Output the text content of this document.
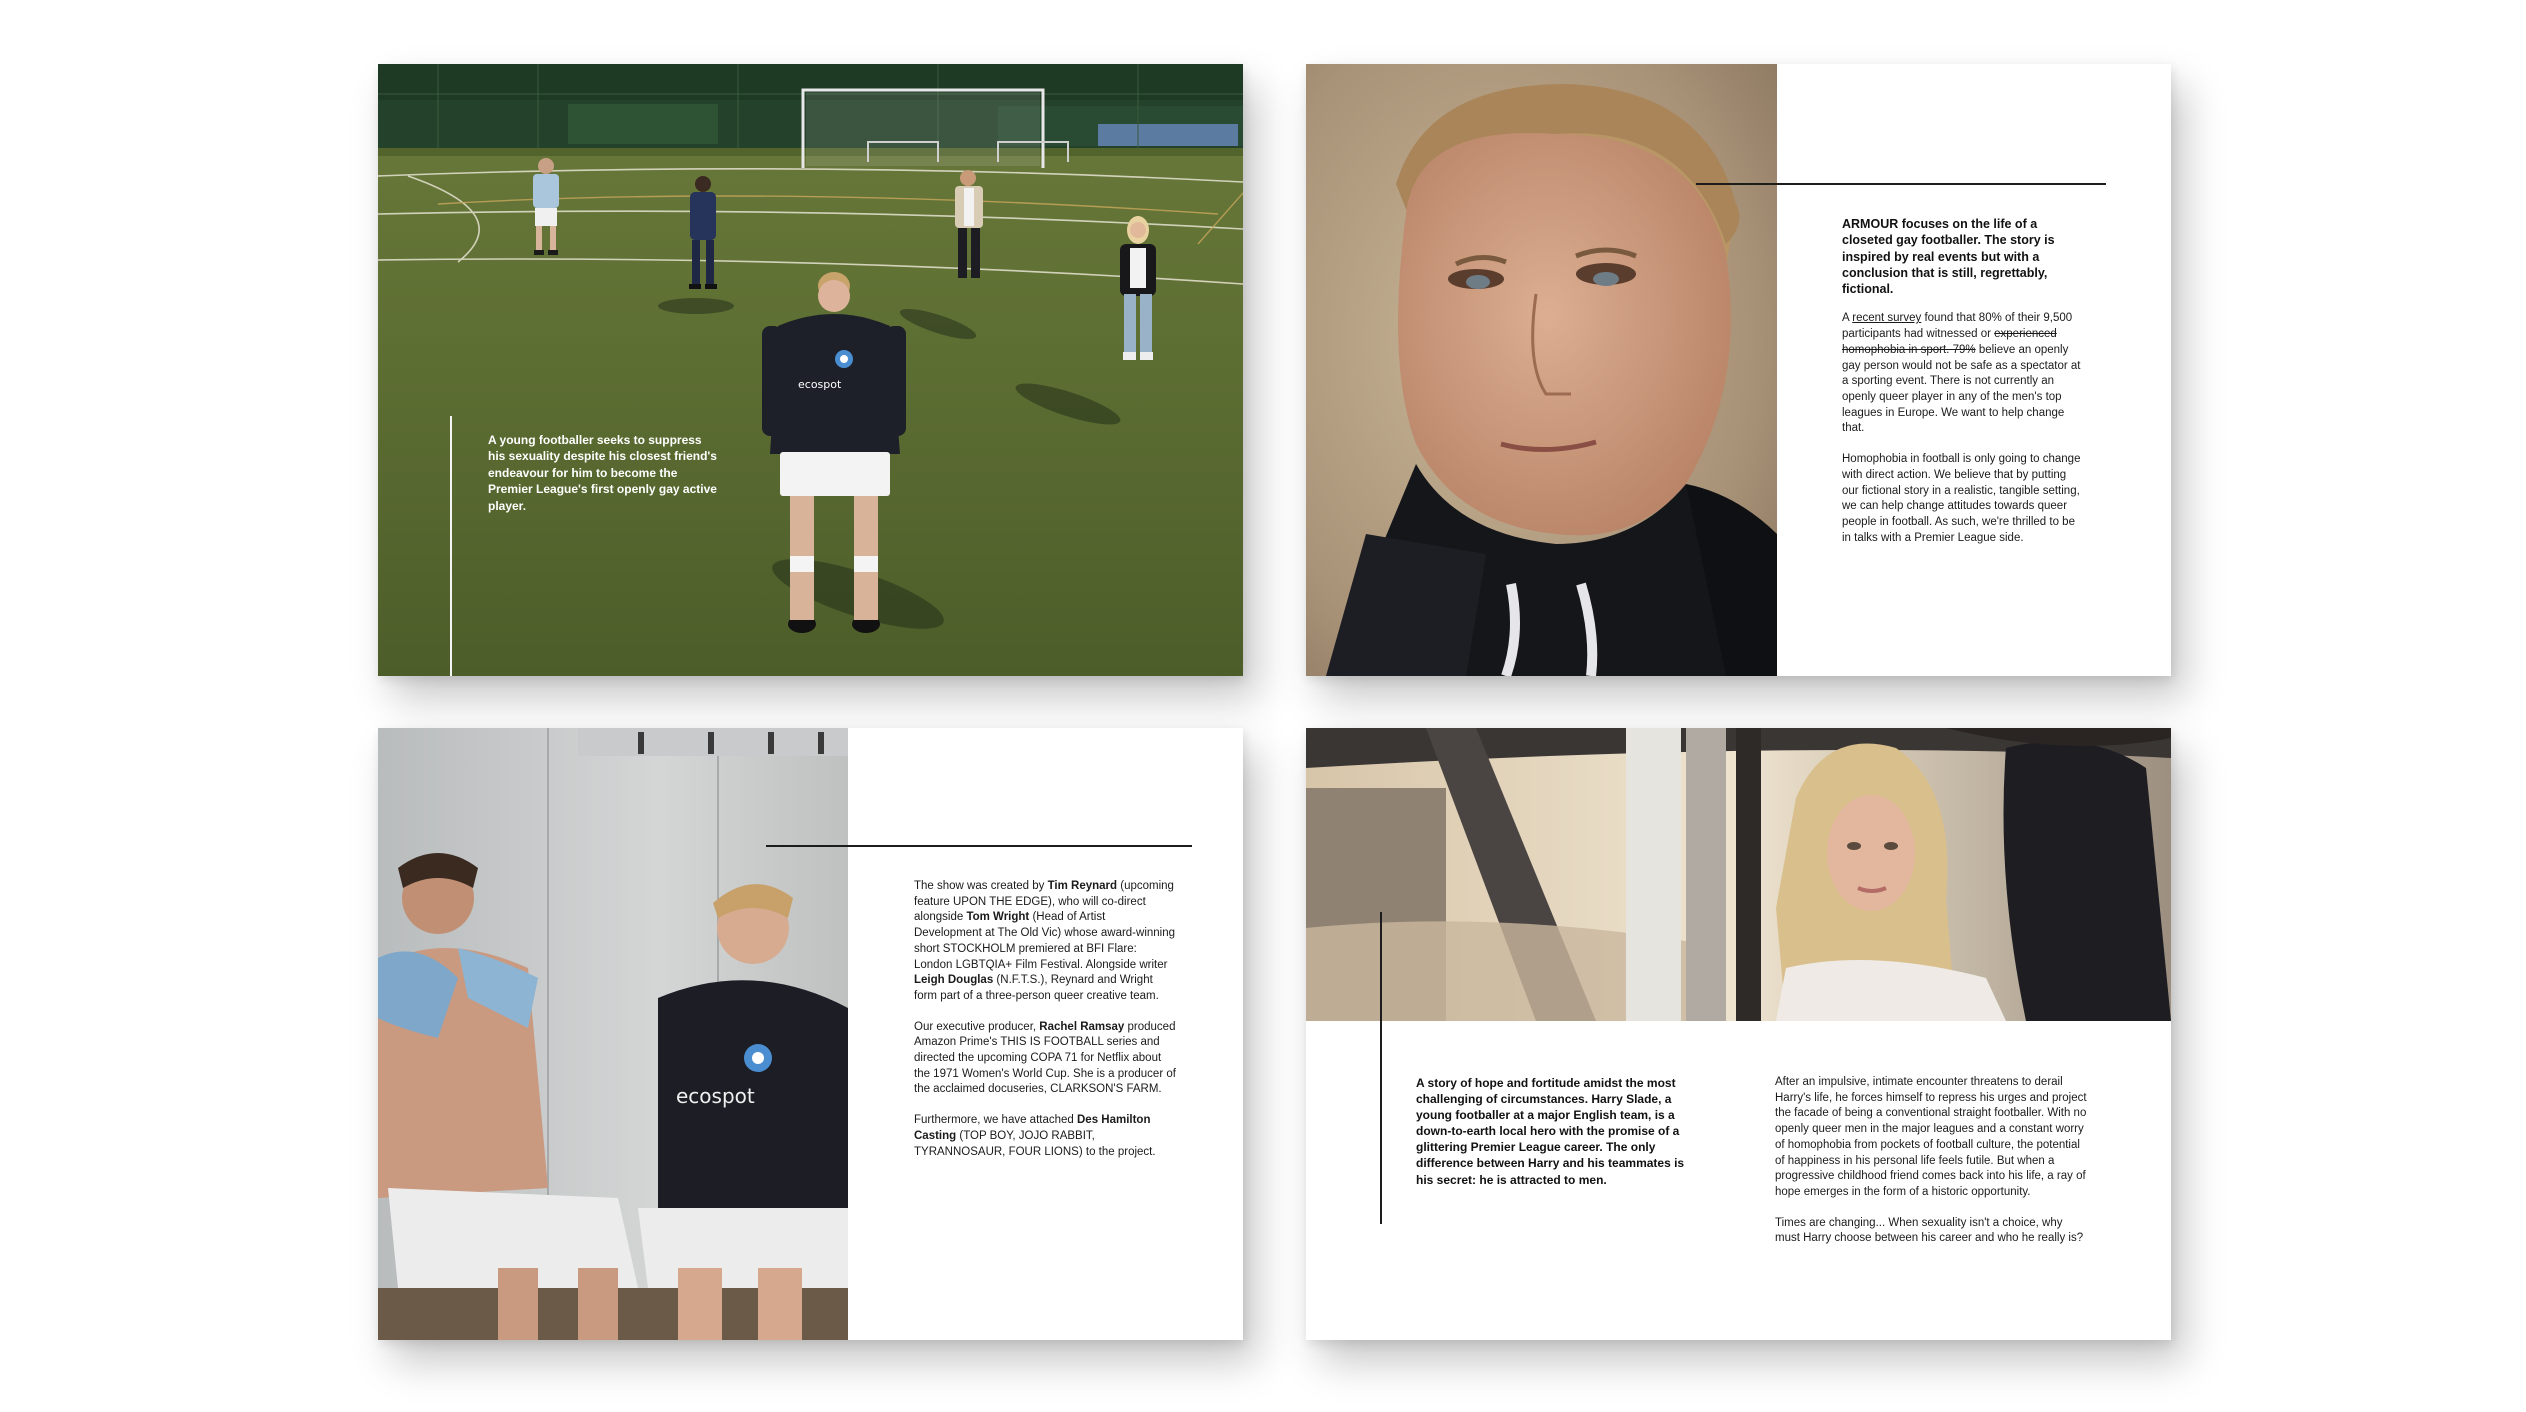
ecospot
A young footballer seeks to suppress his sexuality despite his closest friend's endeavour for him to become the Premier League's first openly gay active player.

ARMOUR focuses on the life of a closeted gay footballer. The story is inspired by real events but with a conclusion that is still, regrettably, fictional.

A recent survey found that 80% of their 9,500 participants had witnessed or experienced homophobia in sport. 79% believe an openly gay person would not be safe as a spectator at a sporting event. There is not currently an openly queer player in any of the men's top leagues in Europe. We want to help change that.

Homophobia in football is only going to change with direct action. We believe that by putting our fictional story in a realistic, tangible setting, we can help change attitudes towards queer people in football. As such, we're thrilled to be in talks with a Premier League side.

ecospot

The show was created by Tim Reynard (upcoming feature UPON THE EDGE), who will co-direct alongside Tom Wright (Head of Artist Development at The Old Vic) whose award-winning short STOCKHOLM premiered at BFI Flare: London LGBTQIA+ Film Festival. Alongside writer Leigh Douglas (N.F.T.S.), Reynard and Wright form part of a three-person queer creative team.

Our executive producer, Rachel Ramsay produced Amazon Prime's THIS IS FOOTBALL series and directed the upcoming COPA 71 for Netflix about the 1971 Women's World Cup. She is a producer of the acclaimed docuseries, CLARKSON'S FARM.

Furthermore, we have attached Des Hamilton Casting (TOP BOY, JOJO RABBIT, TYRANNOSAUR, FOUR LIONS) to the project.

A story of hope and fortitude amidst the most challenging of circumstances. Harry Slade, a young footballer at a major English team, is a down-to-earth local hero with the promise of a glittering Premier League career. The only difference between Harry and his teammates is his secret: he is attracted to men.

After an impulsive, intimate encounter threatens to derail Harry's life, he forces himself to repress his urges and project the facade of being a conventional straight footballer. With no openly queer men in the major leagues and a constant worry of homophobia from pockets of football culture, the potential of happiness in his personal life feels futile. But when a progressive childhood friend comes back into his life, a ray of hope emerges in the form of a historic opportunity.

Times are changing... When sexuality isn't a choice, why must Harry choose between his career and who he really is?
